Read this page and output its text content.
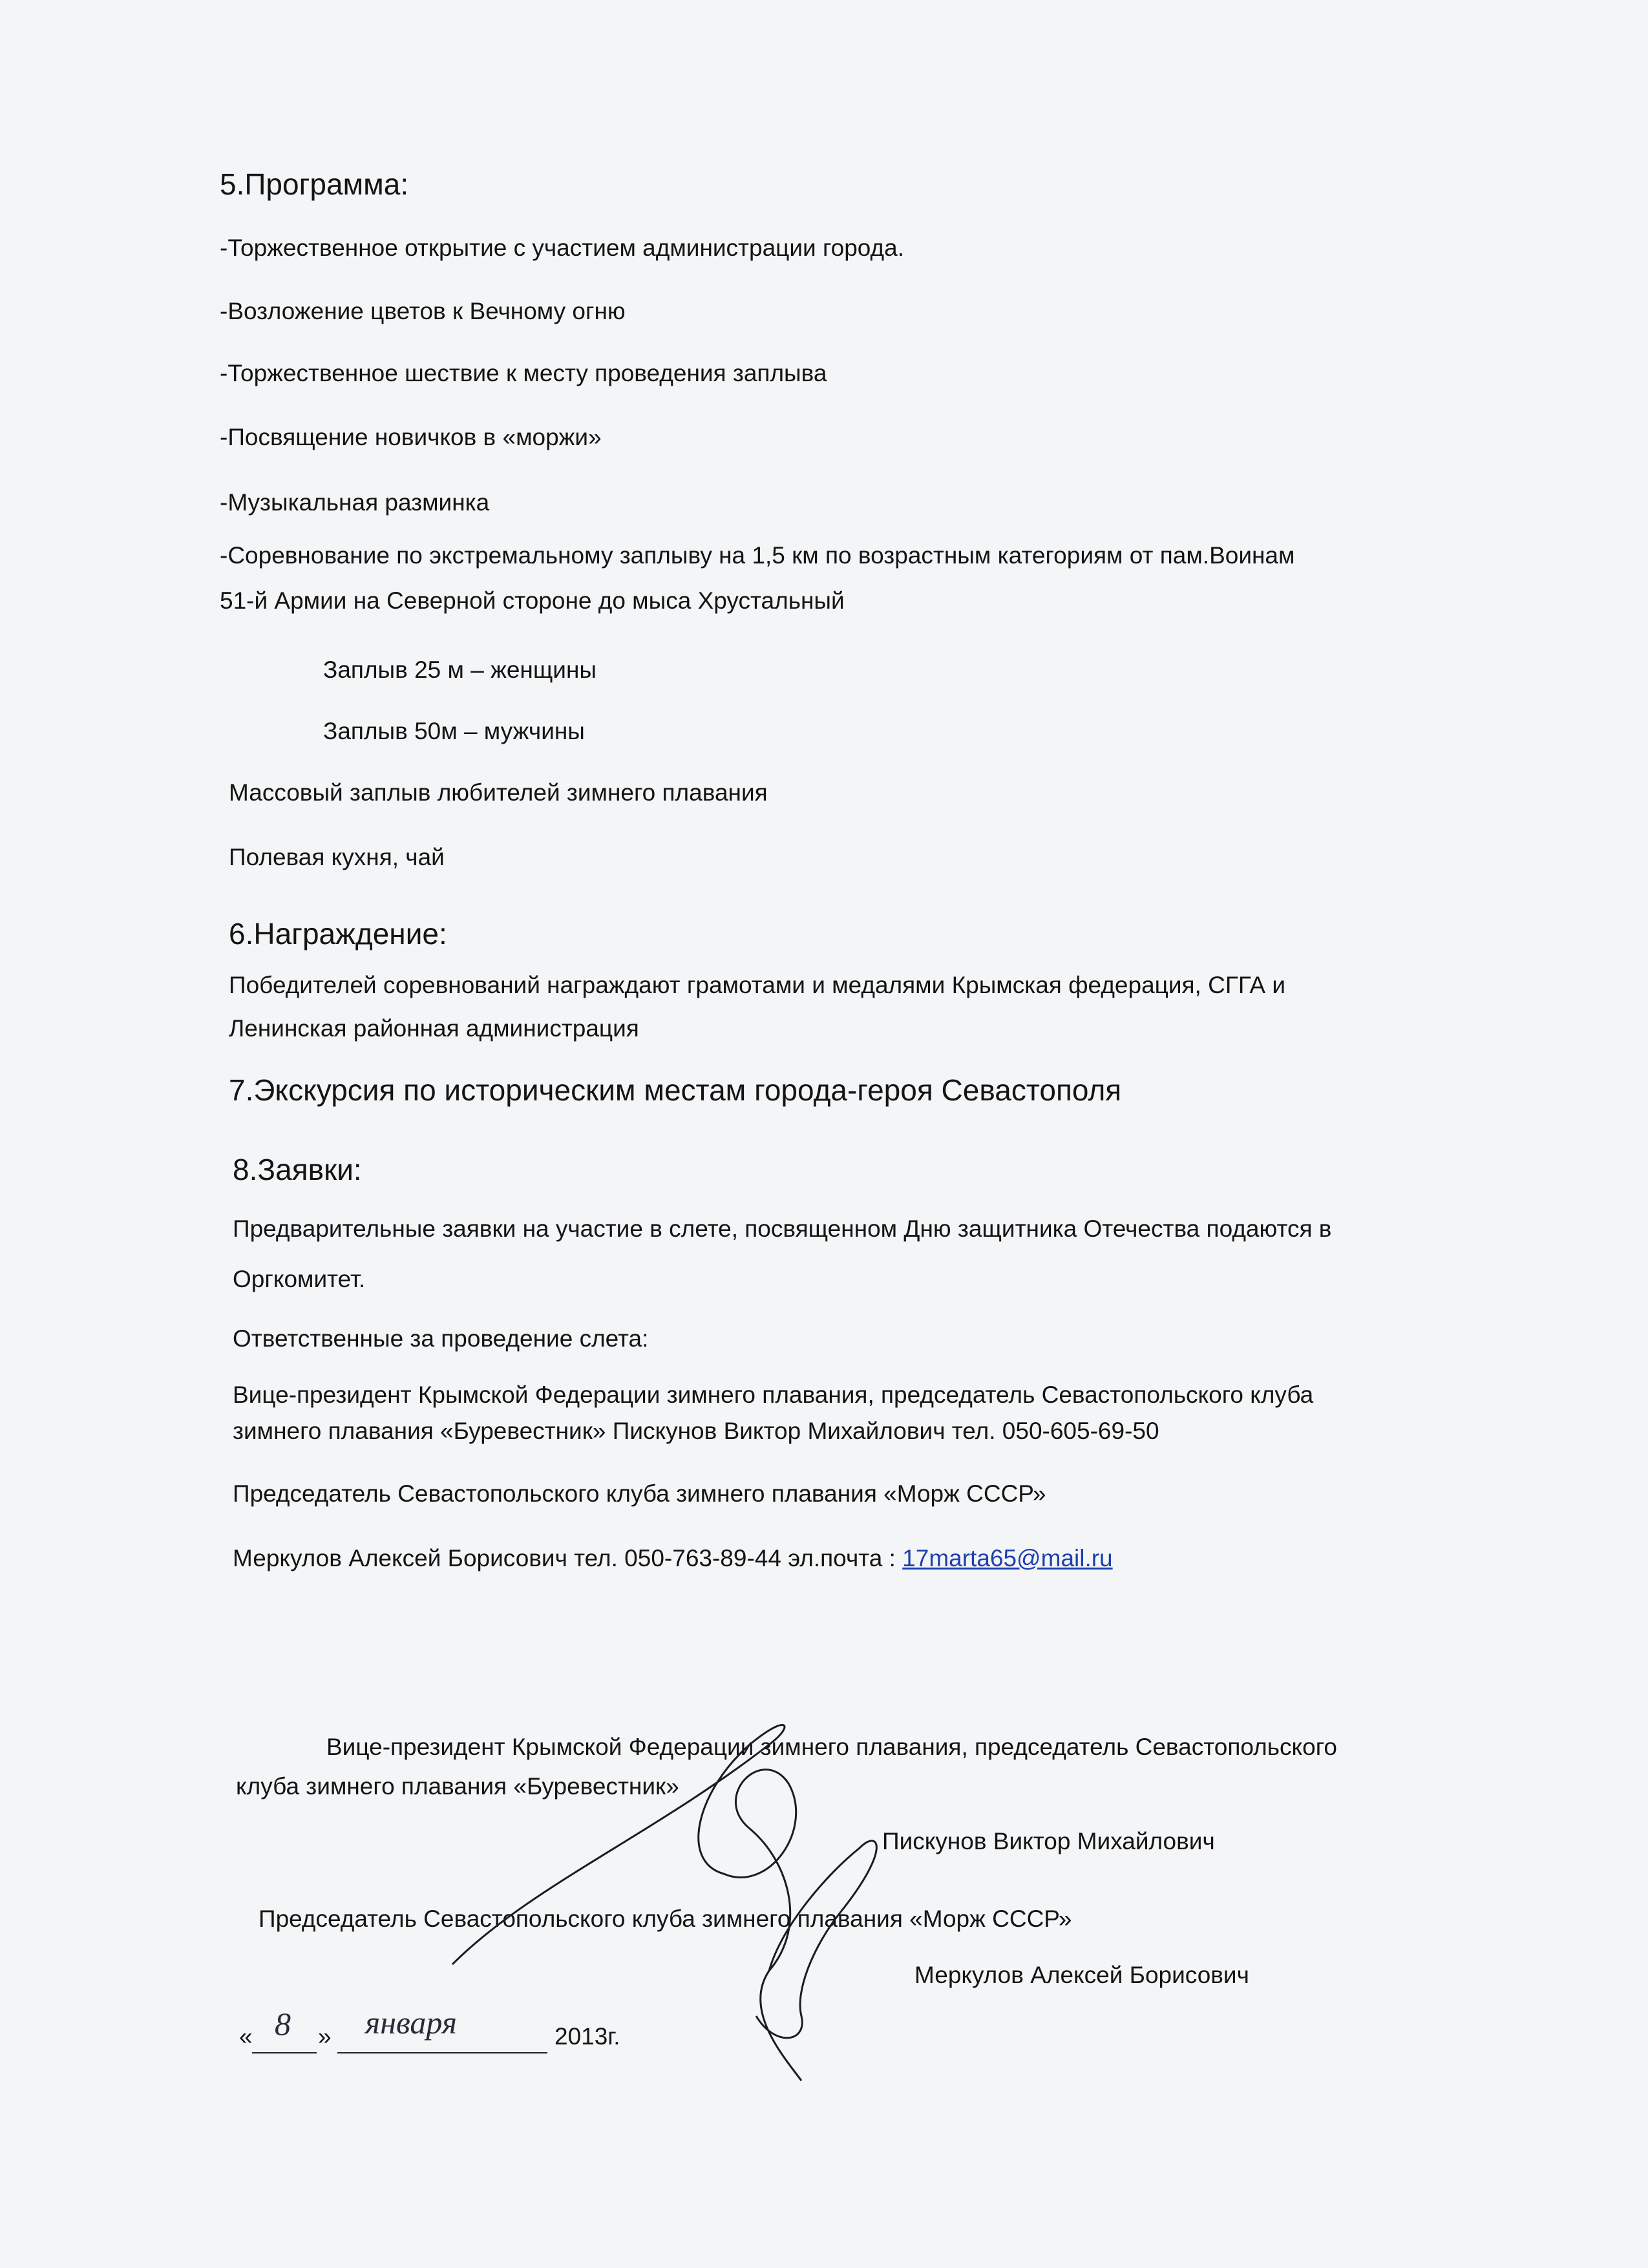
5.Программа:
-Торжественное открытие с участием администрации города.
-Возложение цветов к Вечному огню
-Торжественное шествие к месту проведения заплыва
-Посвящение новичков в «моржи»
-Музыкальная разминка
-Соревнование по экстремальному заплыву на 1,5 км по возрастным категориям от пам.Воинам
51-й Армии на Северной стороне до мыса Хрустальный
Заплыв 25 м – женщины
Заплыв 50м – мужчины
Массовый заплыв любителей зимнего плавания
Полевая кухня, чай
6.Награждение:
Победителей соревнований награждают грамотами и медалями Крымская федерация, СГГА и
Ленинская районная администрация
7.Экскурсия по историческим местам города-героя Севастополя
8.Заявки:
Предварительные заявки на участие в слете, посвященном Дню защитника Отечества подаются в
Оргкомитет.
Ответственные за проведение слета:
Вице-президент Крымской Федерации зимнего плавания, председатель Севастопольского клуба
зимнего плавания «Буревестник» Пискунов Виктор Михайлович тел. 050-605-69-50
Председатель Севастопольского клуба зимнего плавания «Морж СССР»
Меркулов Алексей Борисович тел. 050-763-89-44 эл.почта : 17marta65@mail.ru
Вице-президент Крымской Федерации зимнего плавания, председатель Севастопольского
клуба зимнего плавания «Буревестник»
Пискунов Виктор Михайлович
Председатель Севастопольского клуба зимнего плавания «Морж СССР»
Меркулов Алексей Борисович
« 8 » января	2013г.
